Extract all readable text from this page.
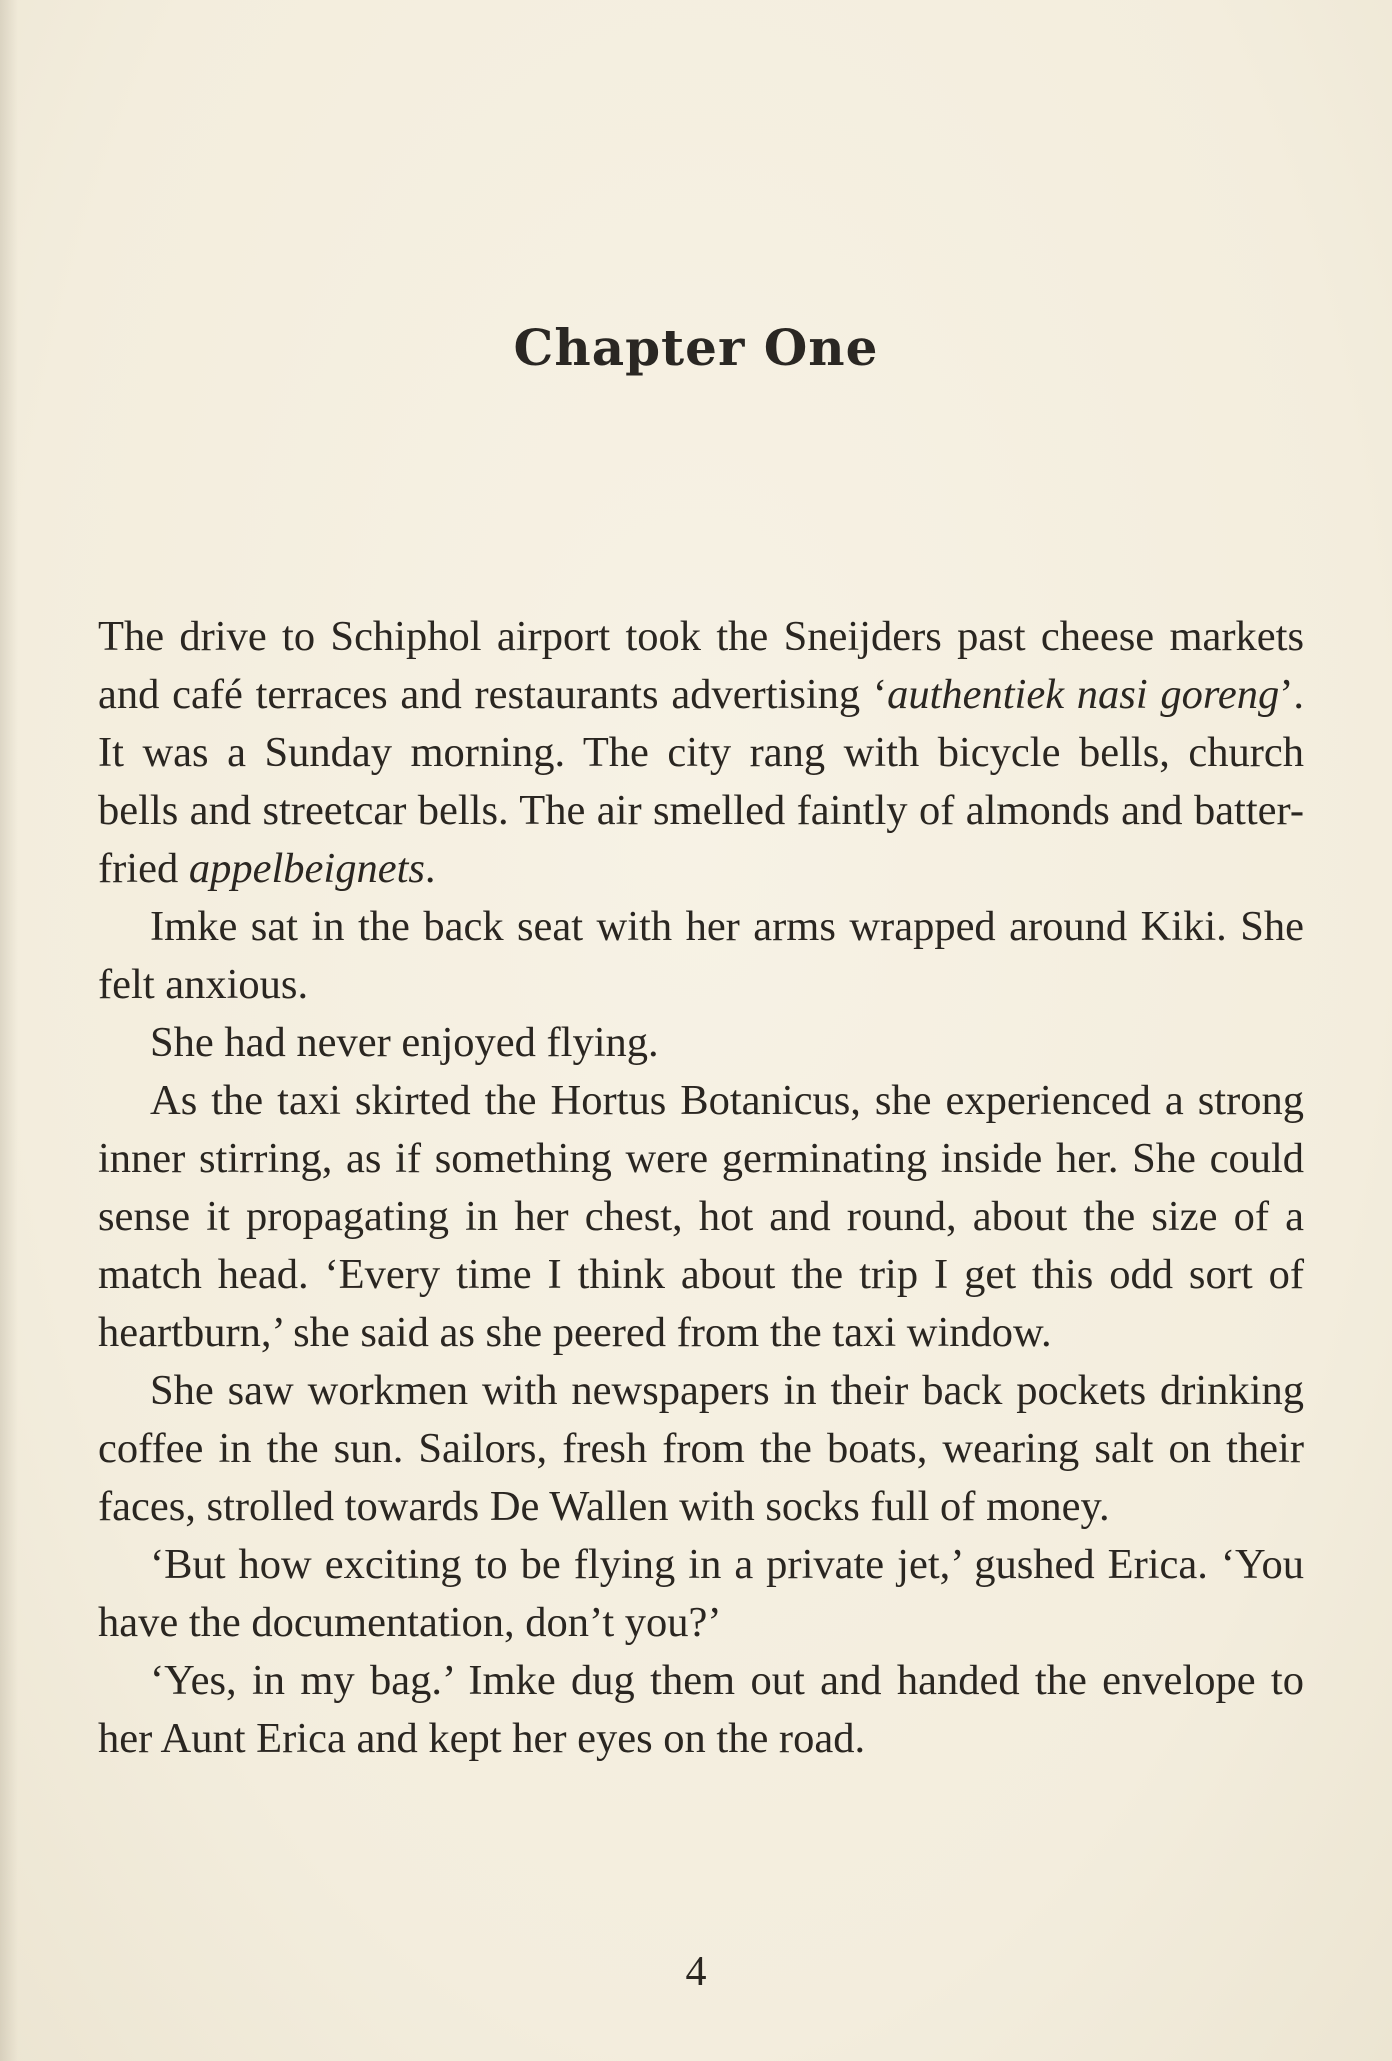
Chapter One

The drive to Schiphol airport took the Sneijders past cheese markets and café terraces and restaurants advertising ‘authentiek nasi goreng’. It was a Sunday morning. The city rang with bicycle bells, church bells and streetcar bells. The air smelled faintly of almonds and batter-fried appelbeignets.

Imke sat in the back seat with her arms wrapped around Kiki. She felt anxious.

She had never enjoyed flying.

As the taxi skirted the Hortus Botanicus, she experienced a strong inner stirring, as if something were germinating inside her. She could sense it propagating in her chest, hot and round, about the size of a match head. ‘Every time I think about the trip I get this odd sort of heartburn,’ she said as she peered from the taxi window.

She saw workmen with newspapers in their back pockets drinking coffee in the sun. Sailors, fresh from the boats, wearing salt on their faces, strolled towards De Wallen with socks full of money.

‘But how exciting to be flying in a private jet,’ gushed Erica. ‘You have the documentation, don’t you?’

‘Yes, in my bag.’ Imke dug them out and handed the envelope to her Aunt Erica and kept her eyes on the road.

4
